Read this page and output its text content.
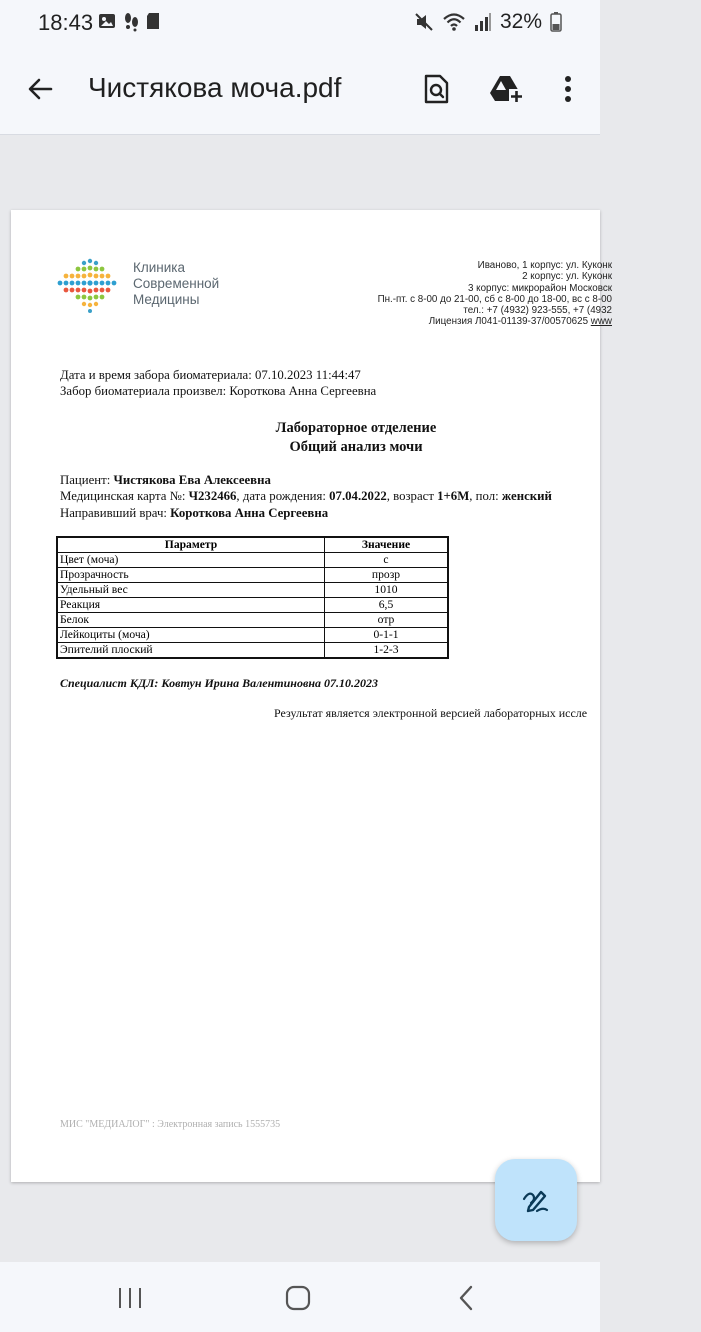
18:43	32%
Чистякова моча.pdf
Клиника
Современной
Медицины
Иваново, 1 корпус: ул. Куконк
2 корпус: ул. Куконк
3 корпус: микрорайон Московск
Пн.-пт. с 8-00 до 21-00, сб с 8-00 до 18-00, вс с 8-00
тел.: +7 (4932) 923-555, +7 (4932
Лицензия Л041-01139-37/00570625 www
Дата и время забора биоматериала: 07.10.2023 11:44:47
Забор биоматериала произвел: Короткова Анна Сергеевна
Лабораторное отделение
Общий анализ мочи
Пациент: Чистякова Ева Алексеевна
Медицинская карта №: Ч232466, дата рождения: 07.04.2022, возраст 1+6М, пол: женский
Направивший врач: Короткова Анна Сергеевна
Параметр	Значение
Цвет (моча)	с
Прозрачность	прозр
Удельный вес	1010
Реакция	6,5
Белок	отр
Лейкоциты (моча)	0-1-1
Эпителий плоский	1-2-3
Специалист КДЛ: Ковтун Ирина Валентиновна 07.10.2023
Результат является электронной версией лабораторных иссле
МИС "МЕДИАЛОГ" : Электронная запись 1555735
